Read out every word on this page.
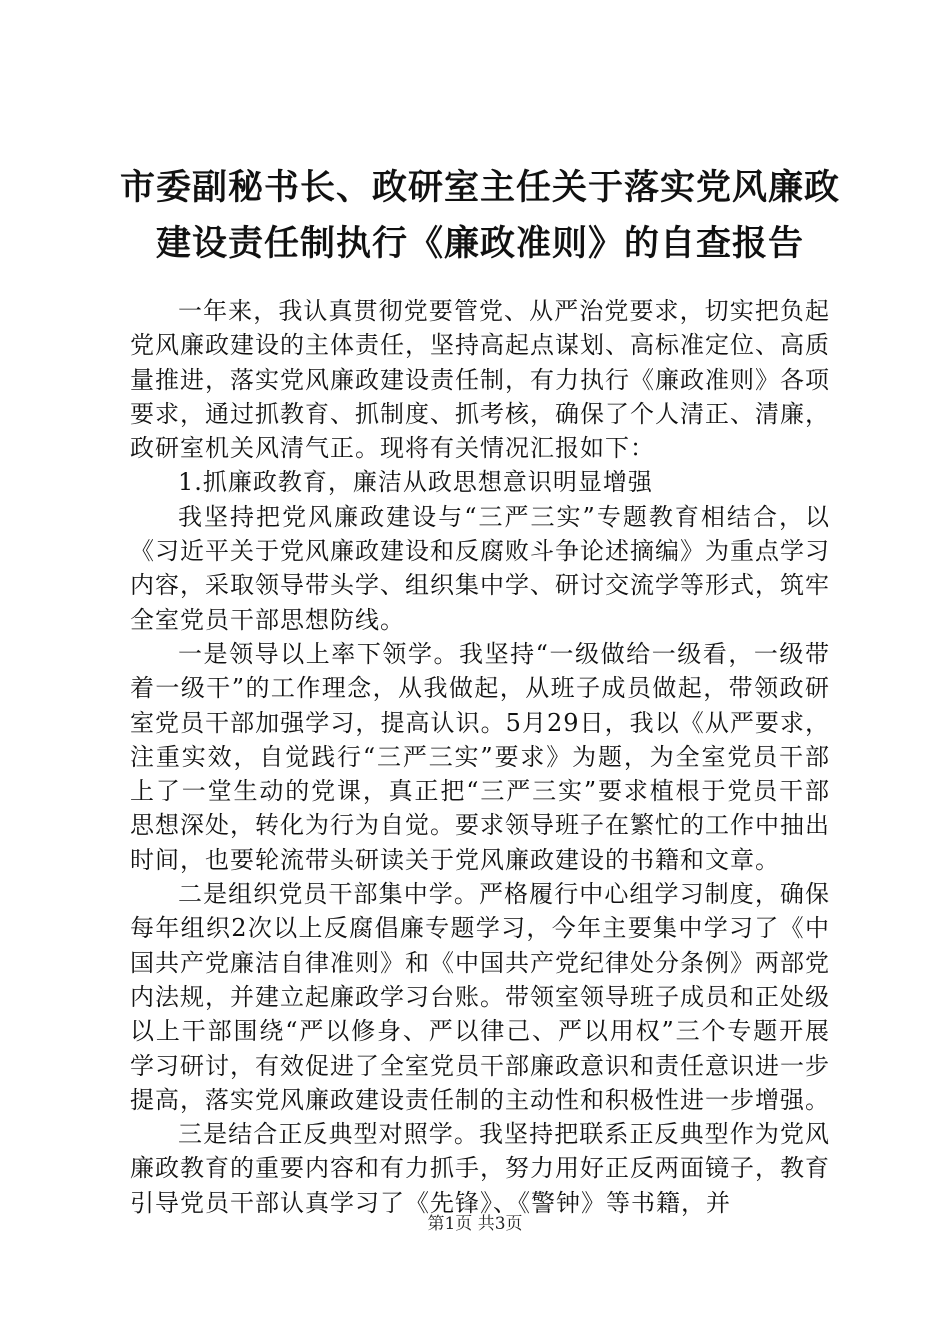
市委副秘书长、政研室主任关于落实党风廉政
建设责任制执行《廉政准则》的自查报告

一年来，我认真贯彻党要管党、从严治党要求，切实把负起党风廉政建设的主体责任，坚持高起点谋划、高标准定位、高质量推进，落实党风廉政建设责任制，有力执行《廉政准则》各项要求，通过抓教育、抓制度、抓考核，确保了个人清正、清廉，政研室机关风清气正。现将有关情况汇报如下：

1.抓廉政教育，廉洁从政思想意识明显增强

我坚持把党风廉政建设与“三严三实”专题教育相结合，以《习近平关于党风廉政建设和反腐败斗争论述摘编》为重点学习内容，采取领导带头学、组织集中学、研讨交流学等形式，筑牢全室党员干部思想防线。

一是领导以上率下领学。我坚持“一级做给一级看，一级带着一级干”的工作理念，从我做起，从班子成员做起，带领政研室党员干部加强学习，提高认识。5月29日，我以《从严要求，注重实效，自觉践行“三严三实”要求》为题，为全室党员干部上了一堂生动的党课，真正把“三严三实”要求植根于党员干部思想深处，转化为行为自觉。要求领导班子在繁忙的工作中抽出时间，也要轮流带头研读关于党风廉政建设的书籍和文章。

二是组织党员干部集中学。严格履行中心组学习制度，确保每年组织2次以上反腐倡廉专题学习，今年主要集中学习了《中国共产党廉洁自律准则》和《中国共产党纪律处分条例》两部党内法规，并建立起廉政学习台账。带领室领导班子成员和正处级以上干部围绕“严以修身、严以律己、严以用权”三个专题开展学习研讨，有效促进了全室党员干部廉政意识和责任意识进一步提高，落实党风廉政建设责任制的主动性和积极性进一步增强。

三是结合正反典型对照学。我坚持把联系正反典型作为党风廉政教育的重要内容和有力抓手，努力用好正反两面镜子，教育引导党员干部认真学习了《先锋》、《警钟》等书籍，并

第1页 共3页
